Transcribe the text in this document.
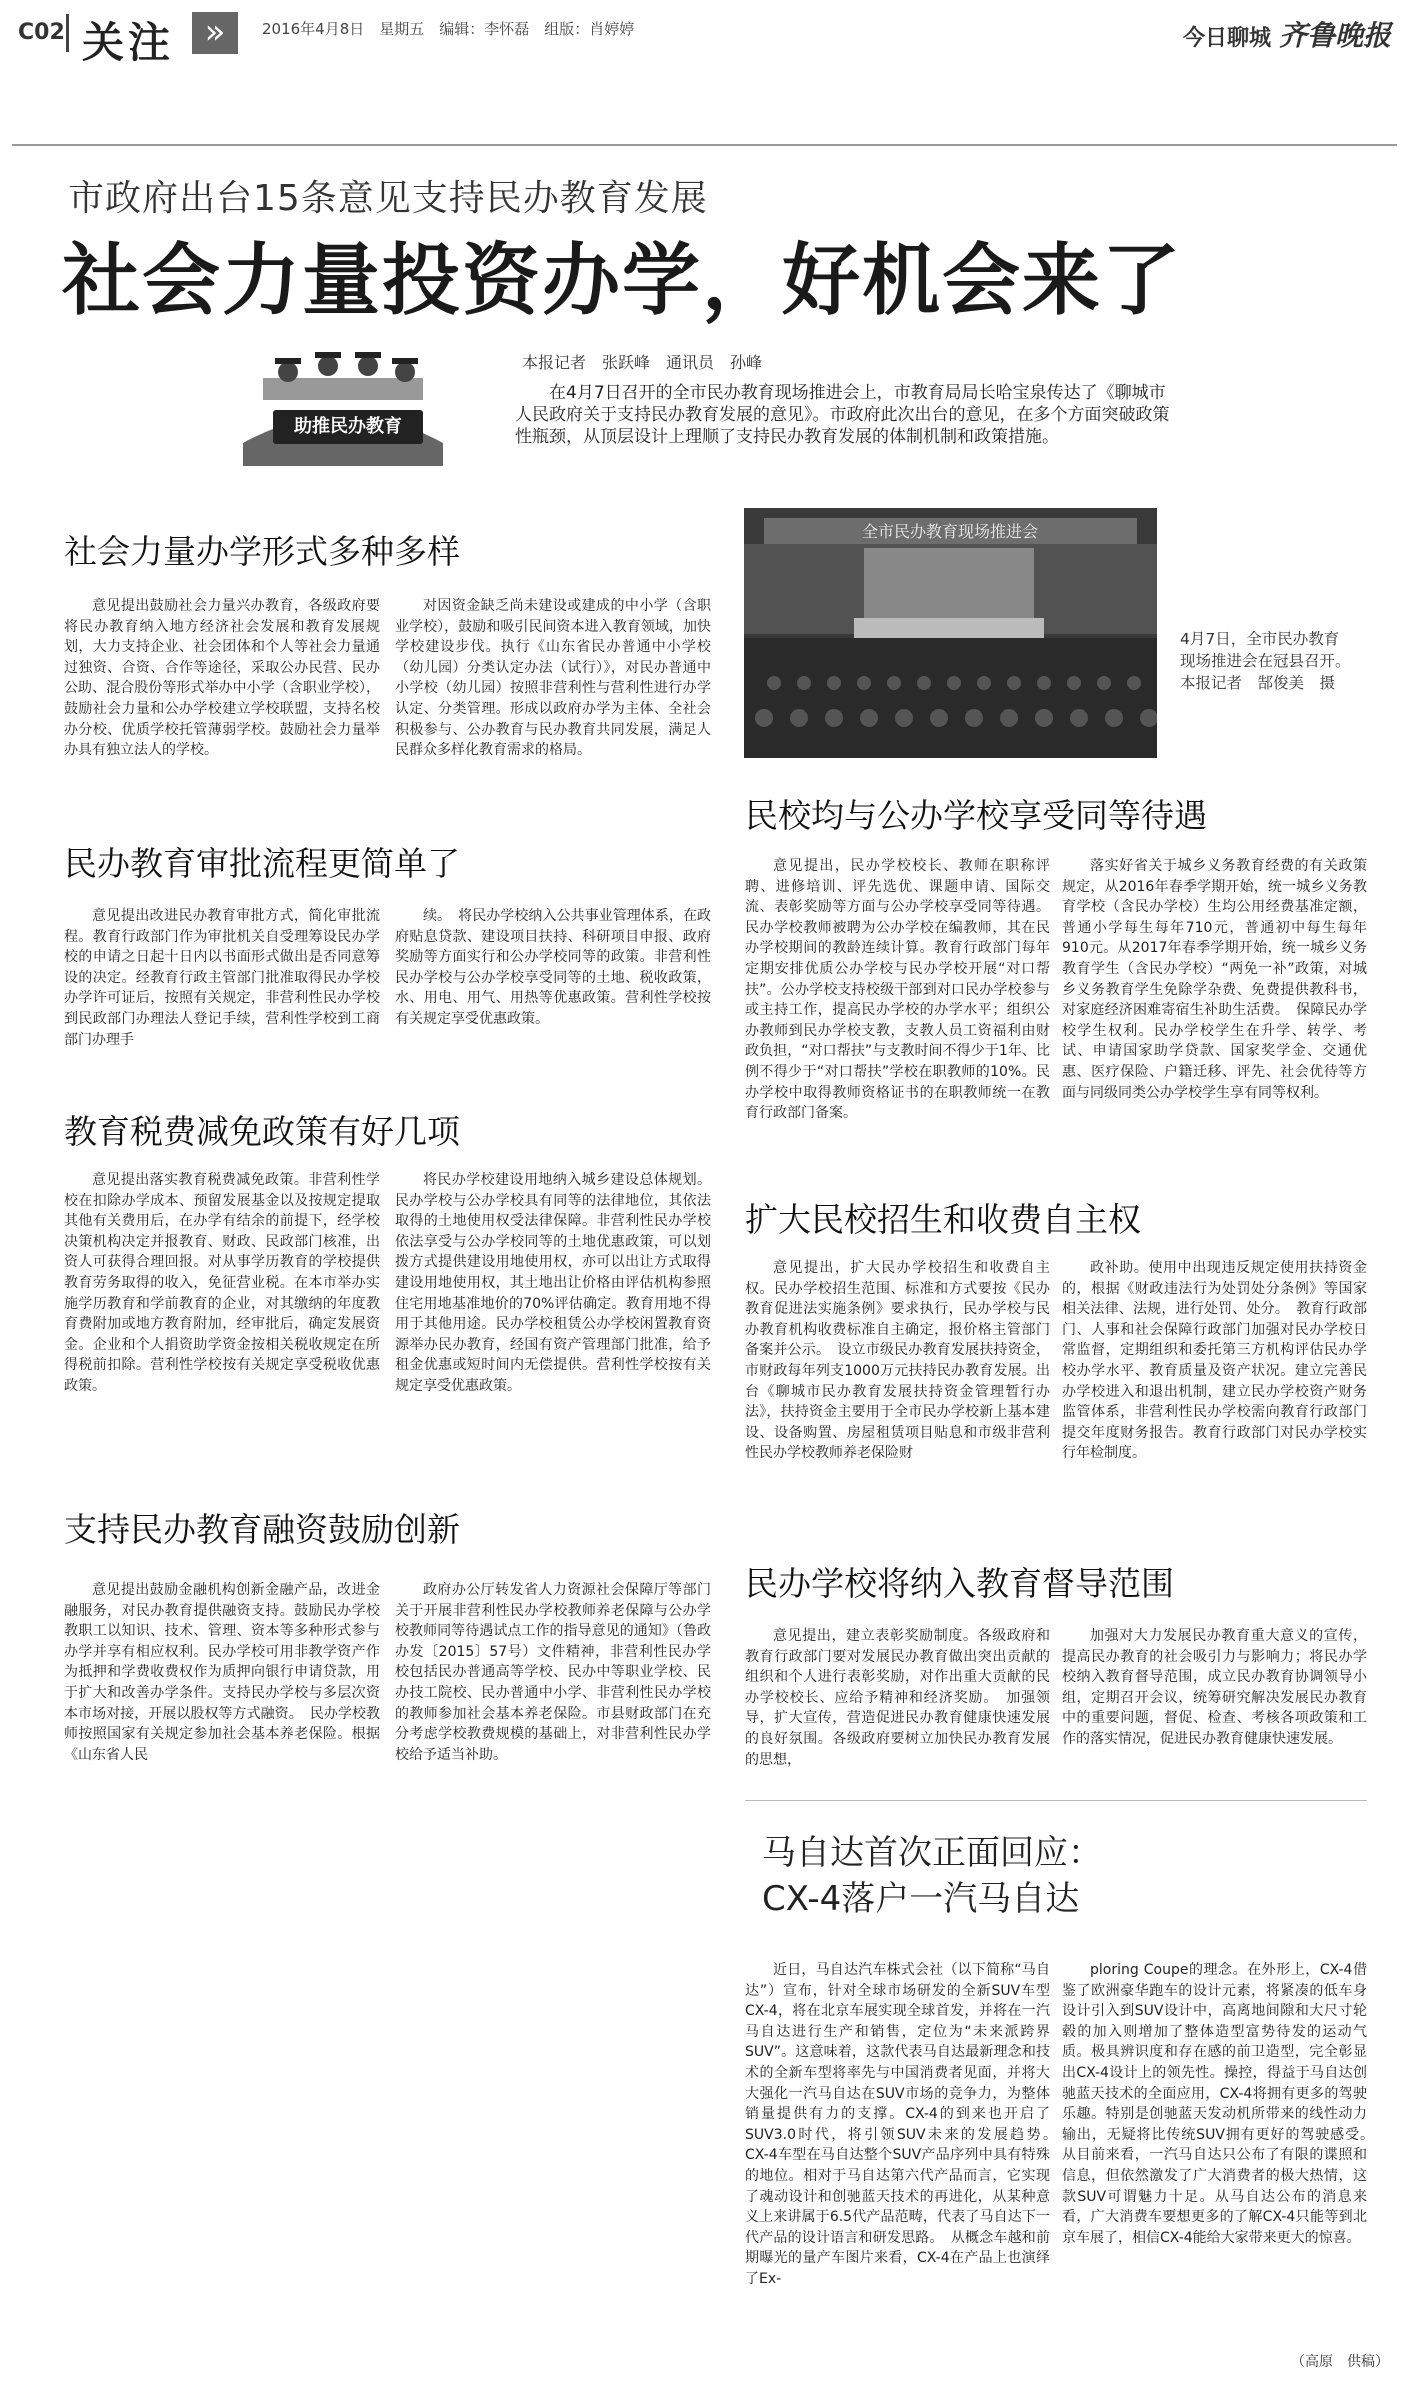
C02 关注 »	2016年4月8日　星期五　编辑：李怀磊　组版：肖婷婷	今日聊城 齐鲁晚报
市政府出台15条意见支持民办教育发展
社会力量投资办学，好机会来了
助推民办教育
本报记者　张跃峰　通讯员　孙峰
在4月7日召开的全市民办教育现场推进会上，市教育局局长哈宝泉传达了《聊城市人民政府关于支持民办教育发展的意见》。市政府此次出台的意见，在多个方面突破政策性瓶颈，从顶层设计上理顺了支持民办教育发展的体制机制和政策措施。
社会力量办学形式多种多样

意见提出鼓励社会力量兴办教育，各级政府要将民办教育纳入地方经济社会发展和教育发展规划，大力支持企业、社会团体和个人等社会力量通过独资、合资、合作等途径，采取公办民营、民办公助、混合股份等形式举办中小学（含职业学校），鼓励社会力量和公办学校建立学校联盟，支持名校办分校、优质学校托管薄弱学校。鼓励社会力量举办具有独立法人的学校。

对因资金缺乏尚未建设或建成的中小学（含职业学校），鼓励和吸引民间资本进入教育领域，加快学校建设步伐。执行《山东省民办普通中小学校（幼儿园）分类认定办法（试行）》，对民办普通中小学校（幼儿园）按照非营利性与营利性进行办学认定、分类管理。形成以政府办学为主体、全社会积极参与、公办教育与民办教育共同发展，满足人民群众多样化教育需求的格局。

民办教育审批流程更简单了

意见提出改进民办教育审批方式，简化审批流程。教育行政部门作为审批机关自受理筹设民办学校的申请之日起十日内以书面形式做出是否同意筹设的决定。经教育行政主管部门批准取得民办学校办学许可证后，按照有关规定，非营利性民办学校到民政部门办理法人登记手续，营利性学校到工商部门办理手

续。　将民办学校纳入公共事业管理体系，在政府贴息贷款、建设项目扶持、科研项目申报、政府奖励等方面实行和公办学校同等的政策。非营利性民办学校与公办学校享受同等的土地、税收政策，水、用电、用气、用热等优惠政策。营利性学校按有关规定享受优惠政策。

教育税费减免政策有好几项

意见提出落实教育税费减免政策。非营利性学校在扣除办学成本、预留发展基金以及按规定提取其他有关费用后，在办学有结余的前提下，经学校决策机构决定并报教育、财政、民政部门核准，出资人可获得合理回报。对从事学历教育的学校提供教育劳务取得的收入，免征营业税。在本市举办实施学历教育和学前教育的企业，对其缴纳的年度教育费附加或地方教育附加，经审批后，确定发展资金。企业和个人捐资助学资金按相关税收规定在所得税前扣除。营利性学校按有关规定享受税收优惠政策。

将民办学校建设用地纳入城乡建设总体规划。民办学校与公办学校具有同等的法律地位，其依法取得的土地使用权受法律保障。非营利性民办学校依法享受与公办学校同等的土地优惠政策，可以划拨方式提供建设用地使用权，亦可以出让方式取得建设用地使用权，其土地出让价格由评估机构参照住宅用地基准地价的70%评估确定。教育用地不得用于其他用途。民办学校租赁公办学校闲置教育资源举办民办教育，经国有资产管理部门批准，给予租金优惠或短时间内无偿提供。营利性学校按有关规定享受优惠政策。

支持民办教育融资鼓励创新

意见提出鼓励金融机构创新金融产品，改进金融服务，对民办教育提供融资支持。鼓励民办学校教职工以知识、技术、管理、资本等多种形式参与办学并享有相应权利。民办学校可用非教学资产作为抵押和学费收费权作为质押向银行申请贷款，用于扩大和改善办学条件。支持民办学校与多层次资本市场对接，开展以股权等方式融资。　民办学校教师按照国家有关规定参加社会基本养老保险。根据《山东省人民

政府办公厅转发省人力资源社会保障厅等部门关于开展非营利性民办学校教师养老保障与公办学校教师同等待遇试点工作的指导意见的通知》（鲁政办发〔2015〕57号）文件精神，非营利性民办学校包括民办普通高等学校、民办中等职业学校、民办技工院校、民办普通中小学、非营利性民办学校的教师参加社会基本养老保险。市县财政部门在充分考虑学校教费规模的基础上，对非营利性民办学校给予适当补助。

全市民办教育现场推进会
4月7日，全市民办教育现场推进会在冠县召开。　本报记者　郜俊美　摄
民校均与公办学校享受同等待遇

意见提出，民办学校校长、教师在职称评聘、进修培训、评先选优、课题申请、国际交流、表彰奖励等方面与公办学校享受同等待遇。民办学校教师被聘为公办学校在编教师，其在民办学校期间的教龄连续计算。教育行政部门每年定期安排优质公办学校与民办学校开展“对口帮扶”。公办学校支持校级干部到对口民办学校参与或主持工作，提高民办学校的办学水平；组织公办教师到民办学校支教，支教人员工资福利由财政负担，“对口帮扶”与支教时间不得少于1年、比例不得少于“对口帮扶”学校在职教师的10%。民办学校中取得教师资格证书的在职教师统一在教育行政部门备案。

落实好省关于城乡义务教育经费的有关政策规定，从2016年春季学期开始，统一城乡义务教育学校（含民办学校）生均公用经费基准定额，普通小学每生每年710元，普通初中每生每年910元。从2017年春季学期开始，统一城乡义务教育学生（含民办学校）“两免一补”政策，对城乡义务教育学生免除学杂费、免费提供教科书，对家庭经济困难寄宿生补助生活费。　保障民办学校学生权利。民办学校学生在升学、转学、考试、申请国家助学贷款、国家奖学金、交通优惠、医疗保险、户籍迁移、评先、社会优待等方面与同级同类公办学校学生享有同等权利。

扩大民校招生和收费自主权

意见提出，扩大民办学校招生和收费自主权。民办学校招生范围、标准和方式要按《民办教育促进法实施条例》要求执行，民办学校与民办教育机构收费标准自主确定，报价格主管部门备案并公示。　设立市级民办教育发展扶持资金，市财政每年列支1000万元扶持民办教育发展。出台《聊城市民办教育发展扶持资金管理暂行办法》，扶持资金主要用于全市民办学校新上基本建设、设备购置、房屋租赁项目贴息和市级非营利性民办学校教师养老保险财

政补助。使用中出现违反规定使用扶持资金的，根据《财政违法行为处罚处分条例》等国家相关法律、法规，进行处罚、处分。　教育行政部门、人事和社会保障行政部门加强对民办学校日常监督，定期组织和委托第三方机构评估民办学校办学水平、教育质量及资产状况。建立完善民办学校进入和退出机制，建立民办学校资产财务监管体系，非营利性民办学校需向教育行政部门提交年度财务报告。教育行政部门对民办学校实行年检制度。

民办学校将纳入教育督导范围

意见提出，建立表彰奖励制度。各级政府和教育行政部门要对发展民办教育做出突出贡献的组织和个人进行表彰奖励，对作出重大贡献的民办学校校长、应给予精神和经济奖励。　加强领导，扩大宣传，营造促进民办教育健康快速发展的良好氛围。各级政府要树立加快民办教育发展的思想，

加强对大力发展民办教育重大意义的宣传，提高民办教育的社会吸引力与影响力；将民办学校纳入教育督导范围，成立民办教育协调领导小组，定期召开会议，统筹研究解决发展民办教育中的重要问题，督促、检查、考核各项政策和工作的落实情况，促进民办教育健康快速发展。

马自达首次正面回应：
CX-4落户一汽马自达

近日，马自达汽车株式会社（以下简称“马自达”）宣布，针对全球市场研发的全新SUV车型CX-4，将在北京车展实现全球首发，并将在一汽马自达进行生产和销售，定位为“未来派跨界SUV”。这意味着，这款代表马自达最新理念和技术的全新车型将率先与中国消费者见面，并将大大强化一汽马自达在SUV市场的竞争力，为整体销量提供有力的支撑。CX-4的到来也开启了SUV3.0时代，将引领SUV未来的发展趋势。　CX-4车型在马自达整个SUV产品序列中具有特殊的地位。相对于马自达第六代产品而言，它实现了魂动设计和创驰蓝天技术的再进化，从某种意义上来讲属于6.5代产品范畴，代表了马自达下一代产品的设计语言和研发思路。　从概念车越和前期曝光的量产车图片来看，CX-4在产品上也演绎了Ex-

ploring Coupe的理念。在外形上，CX-4借鉴了欧洲豪华跑车的设计元素，将紧凑的低车身设计引入到SUV设计中，高离地间隙和大尺寸轮毂的加入则增加了整体造型富势待发的运动气质。极具辨识度和存在感的前卫造型，完全彰显出CX-4设计上的领先性。操控，得益于马自达创驰蓝天技术的全面应用，CX-4将拥有更多的驾驶乐趣。特别是创驰蓝天发动机所带来的线性动力输出，无疑将比传统SUV拥有更好的驾驶感受。　从目前来看，一汽马自达只公布了有限的谍照和信息，但依然激发了广大消费者的极大热情，这款SUV可谓魅力十足。从马自达公布的消息来看，广大消费车要想更多的了解CX-4只能等到北京车展了，相信CX-4能给大家带来更大的惊喜。

（高原　供稿）
